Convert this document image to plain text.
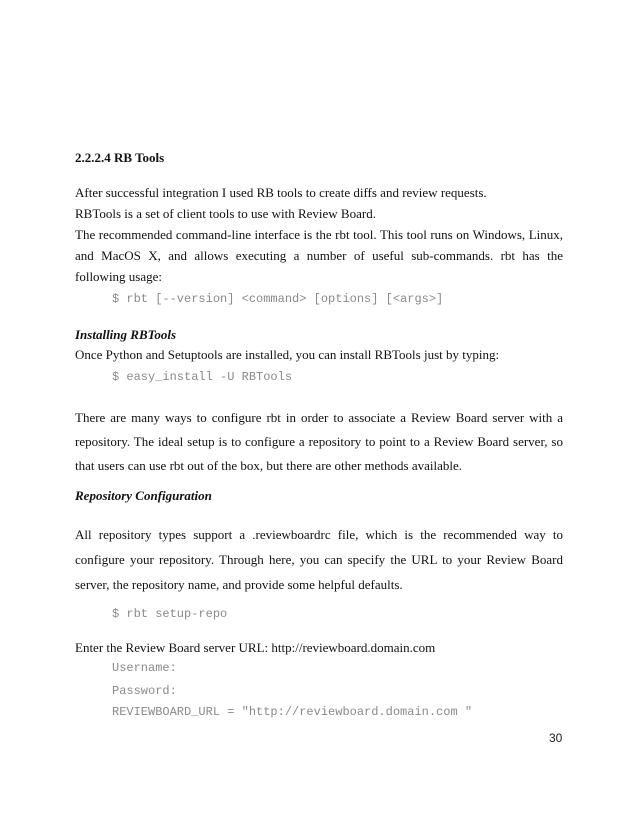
2.2.2.4 RB Tools
After successful integration I used RB tools to create diffs and review requests.
RBTools is a set of client tools to use with Review Board.
The recommended command-line interface is the rbt tool. This tool runs on Windows, Linux, and MacOS X, and allows executing a number of useful sub-commands. rbt has the following usage:
$ rbt [--version] <command> [options] [<args>]
Installing RBTools
Once Python and Setuptools are installed, you can install RBTools just by typing:
$ easy_install -U RBTools
There are many ways to configure rbt in order to associate a Review Board server with a repository. The ideal setup is to configure a repository to point to a Review Board server, so that users can use rbt out of the box, but there are other methods available.
Repository Configuration
All repository types support a .reviewboardrc file, which is the recommended way to configure your repository. Through here, you can specify the URL to your Review Board server, the repository name, and provide some helpful defaults.
$ rbt setup-repo
Enter the Review Board server URL: http://reviewboard.domain.com
Username:
Password:
REVIEWBOARD_URL = "http://reviewboard.domain.com "
30
